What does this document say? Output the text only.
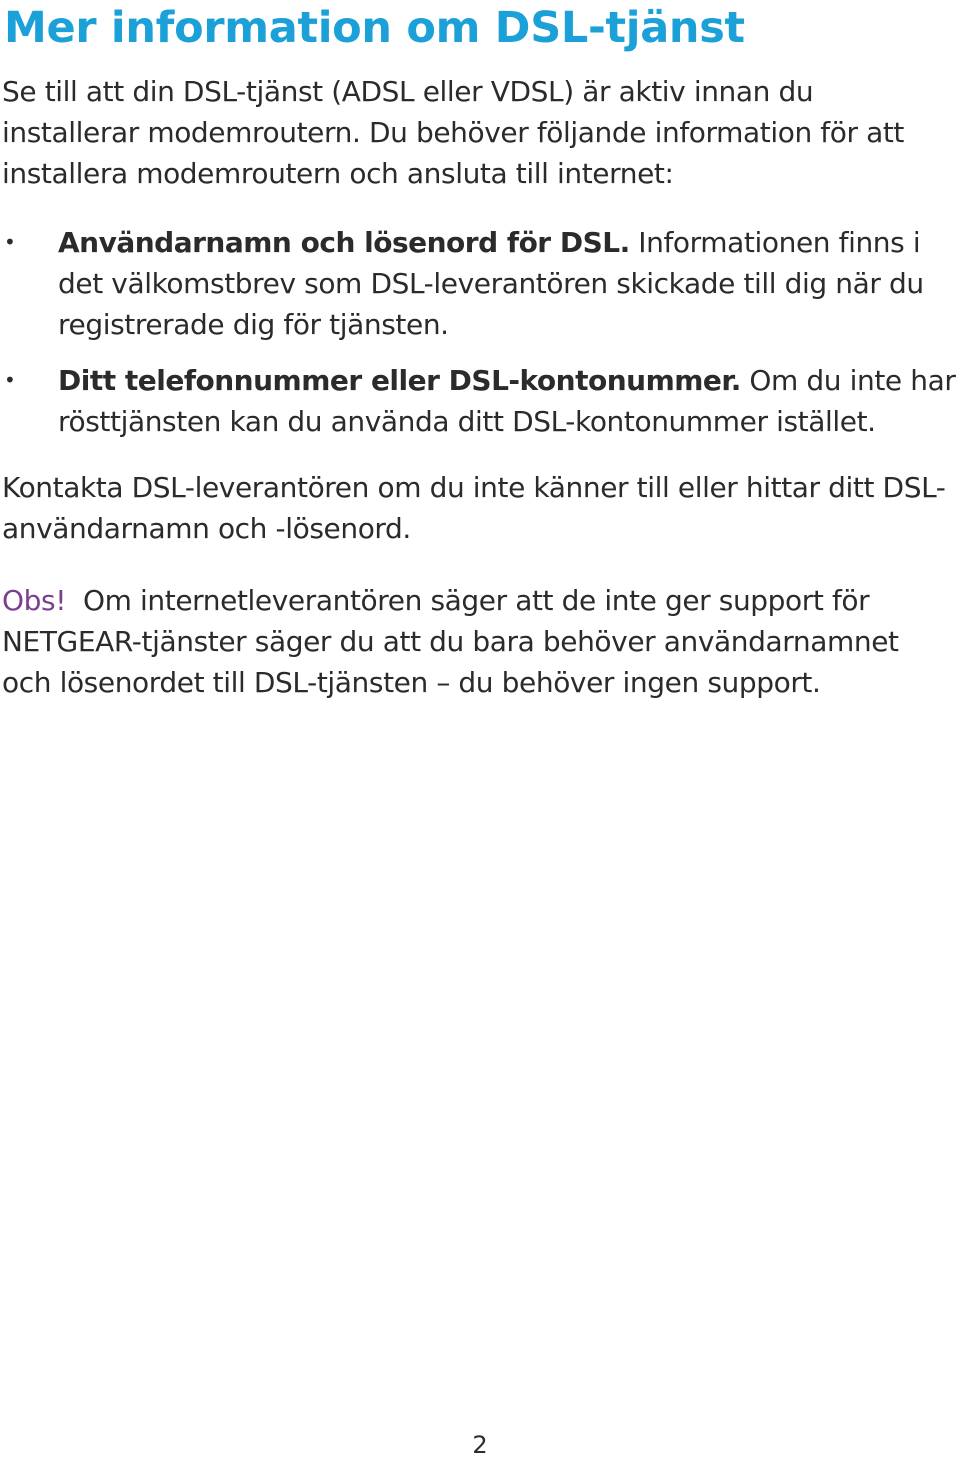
Mer information om DSL-tjänst

Se till att din DSL-tjänst (ADSL eller VDSL) är aktiv innan du installerar modemroutern. Du behöver följande information för att installera modemroutern och ansluta till internet:

• Användarnamn och lösenord för DSL. Informationen finns i det välkomstbrev som DSL-leverantören skickade till dig när du registrerade dig för tjänsten.
• Ditt telefonnummer eller DSL-kontonummer. Om du inte har rösttjänsten kan du använda ditt DSL-kontonummer istället.

Kontakta DSL-leverantören om du inte känner till eller hittar ditt DSL-användarnamn och -lösenord.

Obs!  Om internetleverantören säger att de inte ger support för NETGEAR-tjänster säger du att du bara behöver användarnamnet och lösenordet till DSL-tjänsten – du behöver ingen support.

2
